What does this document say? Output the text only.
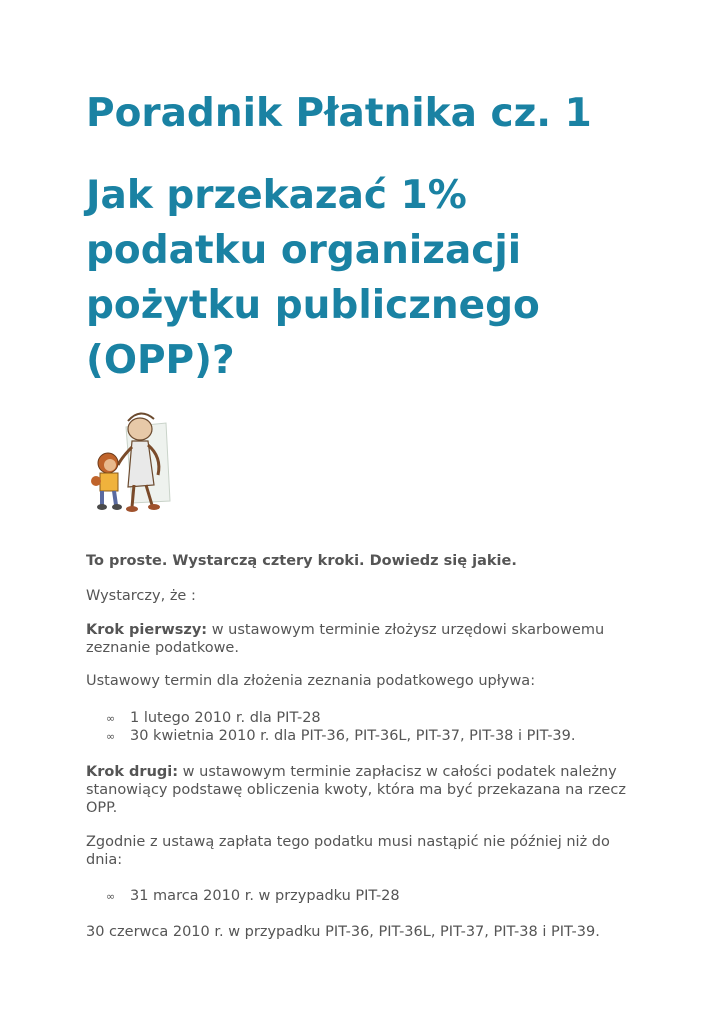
Poradnik Płatnika cz. 1
Jak przekazać 1% podatku organizacji pożytku publicznego (OPP)?

To proste. Wystarczą cztery kroki. Dowiedz się jakie.

Wystarczy, że :

Krok pierwszy: w ustawowym terminie złożysz urzędowi skarbowemu zeznanie podatkowe.

Ustawowy termin dla złożenia zeznania podatkowego upływa:

∞ 1 lutego 2010 r. dla PIT-28
∞ 30 kwietnia 2010 r. dla PIT-36, PIT-36L, PIT-37, PIT-38 i PIT-39.

Krok drugi: w ustawowym terminie zapłacisz w całości podatek należny stanowiący podstawę obliczenia kwoty, która ma być przekazana na rzecz OPP.

Zgodnie z ustawą zapłata tego podatku musi nastąpić nie później niż do dnia:

∞ 31 marca 2010 r. w przypadku PIT-28

30 czerwca 2010 r. w przypadku PIT-36, PIT-36L, PIT-37, PIT-38 i PIT-39.
